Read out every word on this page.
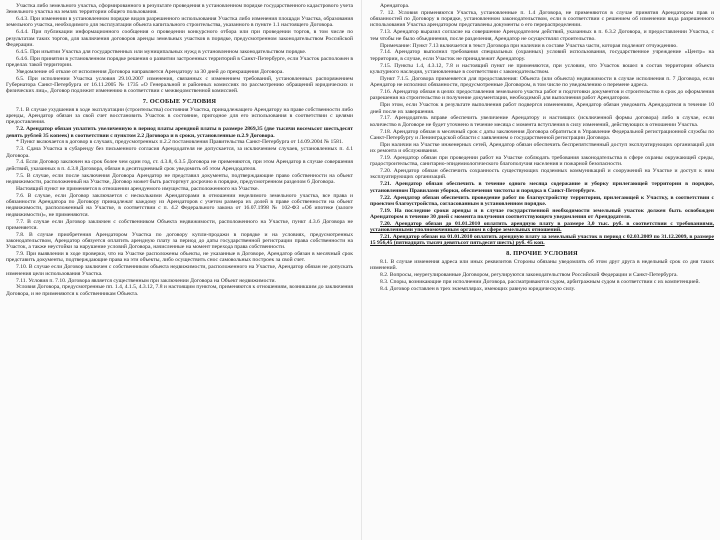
Участка либо земельного участка, сформированного в результате проведения в установленном порядке государственного кадастрового учета Земельного участка на землях территории общего пользования.

6.4.3. При изменении в установленном порядке видов разрешенного использования Участка либо изменения площади Участка, образования земельного участка, необходимого для эксплуатации объекта капитального строительства, указанного в пункте 1.1 настоящего Договора.

6.4.4. При публикации информационного сообщения о проведении конкурсного отбора или при проведении торгов, в том числе по результатам таких торгов, для заключения договоров аренды земельных участков в порядке, предусмотренном законодательством Российской Федерации.

6.4.5. При изъятии Участка для государственных или муниципальных нужд в установленном законодательством порядке.

6.4.6. При принятии в установленном порядке решения о развитии застроенных территорий в Санкт-Петербурге, если Участок расположен в пределах такой территории.

Уведомление об отказе от исполнения Договора направляется Арендатору за 30 дней до прекращения Договора.

6.5. При исполнении Участка условия 29.10.2007 изменения, связанных с изменением требований, установленных распоряжением Губернатора Санкт-Петербурга от 16.11.2005 № 1735 «О Генеральной и районных комиссиях по рассмотрению обращений юридических и физических лиц», Договор подлежит изменению в соответствии с межведомственной комиссией.

7. ОСОБЫЕ УСЛОВИЯ

7.1. В случае ухудшения в ходе эксплуатации (строительства) состояния Участка, принадлежащего Арендатору на праве собственности либо аренды, Арендатор обязан за свой счет восстановить Участок в состояние, пригодное для его использования в соответствии с целями предоставления.

7.2. Арендатор обязан уплатить увеличенную в период платы арендной платы в размере 2869,35 (две тысячи восемьсот шестьдесят девять рублей 35 копеек) в соответствии с пунктом 2.2 Договора и в сроки, установленные п.2.9 Договора.

* Пункт включается в договор в случаях, предусмотренных п.2.2 постановления Правительства Санкт-Петербурга от 14.09.2004 № 1581.

7.3. Сдача Участка в субаренду без письменного согласия Арендодателя не допускается, за исключением случаев, установленных п. 4.1 Договора.

7.4. Если Договор заключен на срок более чем один год, ст. 4.3.8, 6.3.5 Договора не применяются, при этом Арендатор в случае совершения действий, указанных в п. 4.3.8 Договора, обязан в десятидневный срок уведомить об этом Арендодателя.

7.5. В случае, если после заключения Договора Арендатор не представил документы, подтверждающие право собственности на объект недвижимости, расположенный на Участке, Договор может быть расторгнут досрочно в порядке, предусмотренном разделом 6 Договора.

Настоящий пункт не применяется в отношении арендуемого имущества, расположенного на Участке.

7.6. В случае, если Договор заключается с несколькими Арендаторами в отношении неделимого земельного участка, все права и обязанности Арендатора по Договору принадлежат каждому из Арендаторов с учетом размера их долей в праве собственности на объект недвижимости, расположенный на Участке, в соответствии с п. 4.2 Федерального закона от 16.07.1998 № 102-ФЗ «Об ипотеке (залоге недвижимости)», не применяются.

7.7. В случае если Договор заключен с собственником Объекта недвижимости, расположенного на Участке, пункт 4.3.6 Договора не применяется.

7.8. В случае приобретения Арендатором Участка по договору купли-продажи в порядке и на условиях, предусмотренных законодательством, Арендатор обязуется оплатить арендную плату за период до даты государственной регистрации права собственности на Участок, а также неустойки за нарушение условий Договора, начисленные на момент перехода права собственности.

7.9. При выявлении в ходе проверки, что на Участке расположены объекты, не указанные в Договоре, Арендатор обязан в месячный срок представить документы, подтверждающие права на эти объекты, либо осуществить снос самовольных построек за свой счет.

7.10. В случае если Договор заключен с собственником объекта недвижимости, расположенного на Участке, Арендатор обязан не допускать изменения цели использования Участка.

7.11. Условия п. 7.10. Договора является существенным при заключении Договора на Объект недвижимости.

Условия Договора, предусмотренные пп. 1.4, 4.1.5, 4.3.12, 7.8 и настоящим пунктом, применяются к отношениям, возникшим до заключения Договора, и не применяются к собственникам Объекта.

Арендатора.

7. 12. Условия применяются Участка, установленные п. 1.4 Договора, не применяются в случае принятия Арендатором прав и обязанностей по Договору в порядке, установленном законодательством, если в соответствии с решением об изменении вида разрешенного использования Участка арендатором представлены документы о его перераспределении.

7.13. Арендатор выразил согласие на совершение Арендодателем действий, указанных в п. 6.3.2 Договора, и предоставлении Участка, с тем чтобы не было объединения, после разделения, Арендатор не осуществлял строительство.

Примечание: Пункт 7.13 включается в текст Договора при наличии в составе Участка части, которая подлежит отчуждению.

7.14. Арендатор выполнил требования специальных (охранных) условий использования, государственное учреждение «Центр» на территории, в случае, если Участок не принадлежит Арендатору.

7.15. Пункты 1.4, 4.3.12, 7.8 и настоящий пункт не применяются, при условии, что Участок вошел в состав территории объекта культурного наследия, установленные в соответствии с законодательством.

Пункт 7.1.5. Договора применяется для предоставления: Объекта (или объекта) недвижимости в случае исполнения п. 7 Договора, если Арендатор не исполнил обязанности, предусмотренные Договором, в том числе по уведомлению о перемене адреса.

7.16. Арендатор обязан в целях предоставления земельного участка работ и подготовки документов и строительство в срок до оформления разрешения на строительство и получение документации, необходимой для выполнения работ Арендатором.

При этом, если Участок в результате выполнения работ подвергся изменениям, Арендатор обязан уведомить Арендодателя в течение 10 дней после их завершения.

7.17. Арендодатель вправе обеспечить увеличение Арендатору и настоящих (исключенной формы договора) либо в случае, если количество в Договоре не будет уточнено в течение месяца с момента вступления в силу изменений, действующих в отношении Участка.

7.18. Арендатор обязан в месячный срок с даты заключения Договора обратиться в Управление Федеральной регистрационной службы по Санкт-Петербургу и Ленинградской области с заявлением о государственной регистрации Договора.

При наличии на Участке инженерных сетей, Арендатор обязан обеспечить беспрепятственный доступ эксплуатирующих организаций для их ремонта и обслуживания.

7.19. Арендатор обязан при проведении работ на Участке соблюдать требования законодательства в сфере охраны окружающей среды, градостроительства, санитарно-эпидемиологического благополучия населения и пожарной безопасности.

7.20. Арендатор обязан обеспечить сохранность существующих подземных коммуникаций и сооружений на Участке и доступ к ним эксплуатирующих организаций.

7.21. Арендатор обязан обеспечить в течение одного месяца содержание и уборку прилегающей территории в порядке, установленном Правилами уборки, обеспечения чистоты и порядка в Санкт-Петербурге.

7.22. Арендатор обязан обеспечить проведение работ по благоустройству территории, прилегающей к Участку, в соответствии с проектом благоустройства, согласованным в установленном порядке.

7.19. На последние сроки аренды и в случае государственной необходимости земельный участок должен быть освобожден Арендатором в течение 30 дней с момента получения соответствующего уведомления от Арендодателя.

7.20. Арендатор обязан до 01.01.2010 оплатить арендную плату в размере 3,0 тыс. руб. в соответствии с требованиями, установленными уполномоченным органом в сфере земельных отношений.

7.21. Арендатор обязан на 01.01.2010 оплатить арендную плату за земельный участок в период с 02.03.2009 по 31.12.2009, в размере 15 956,45 (пятнадцать тысяч девятьсот пятьдесят шесть) руб. 45 коп.

8. ПРОЧИЕ УСЛОВИЯ

8.1. В случае изменения адреса или иных реквизитов Стороны обязаны уведомлять об этом друг друга в недельный срок со дня таких изменений.

8.2. Вопросы, неурегулированные Договором, регулируются законодательством Российской Федерации и Санкт-Петербурга.

8.3. Споры, возникающие при исполнении Договора, рассматриваются судом, арбитражным судом в соответствии с их компетенцией.

8.4. Договор составлен в трех экземплярах, имеющих равную юридическую силу.
